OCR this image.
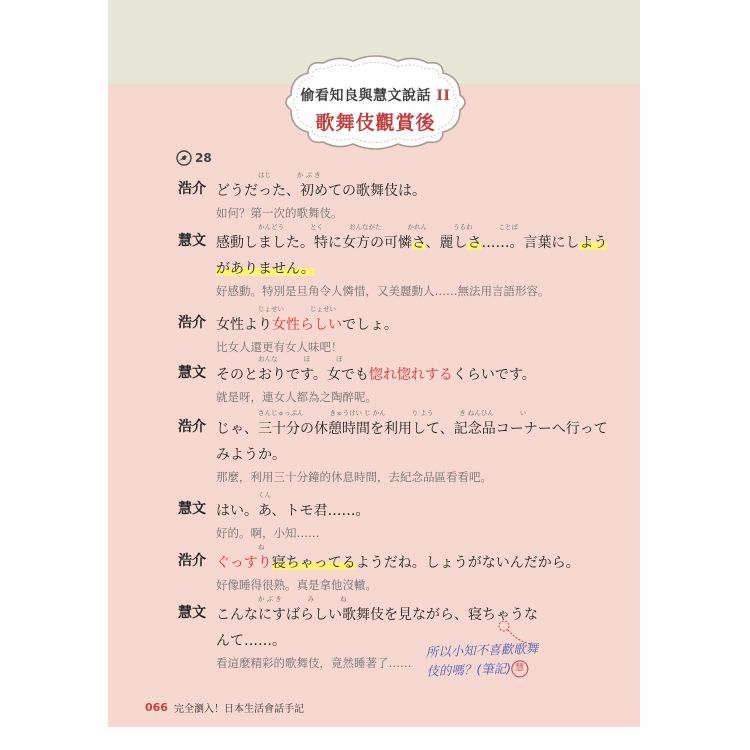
偷看知良與慧文說話 II
歌舞伎觀賞後
28
浩介
はじ　　　　か ぶ き
どうだった、初めての歌舞伎は。
如何？第一次的歌舞伎。
慧文
かんどう　　　　とく　　　　おんながた　　　　かれん　　　　うるわ　　　　ことば
感動しました。特に女方の可憐さ、麗しさ……。言葉にしよう
がありません。
好感動。特別是旦角令人憐惜，又美麗動人……無法用言語形容。
浩介
じょせい　　　　じょせい
女性より女性らしいでしょ。
比女人還更有女人味吧！
慧文
おんな　　　　ほ　　　　ぼ
そのとおりです。女でも惚れ惚れするくらいです。
就是呀，連女人都為之陶醉呢。
浩介
さんじゅっぷん　　　　きゅうけい じ かん　　　　り よう　　　　き ねんひん　　　　い
じゃ、三十分の休憩時間を利用して、記念品コーナーへ行って
みようか。
那麼，利用三十分鐘的休息時間，去紀念品區看看吧。
慧文
くん
はい。あ、トモ君……。
好的。啊，小知……
浩介
ね
ぐっすり寝ちゃってるようだね。しょうがないんだから。
好像睡得很熟。真是拿他沒轍。
慧文
か ぶ き　　　　み　　　　ね
こんなにすばらしい歌舞伎を見ながら、寝ちゃうな
んて……。
看這麼精彩的歌舞伎，竟然睡著了……
所以小知不喜歡歌舞
伎的嗎？(筆記) 慧
066 完全瀏入！日本生活會話手記
